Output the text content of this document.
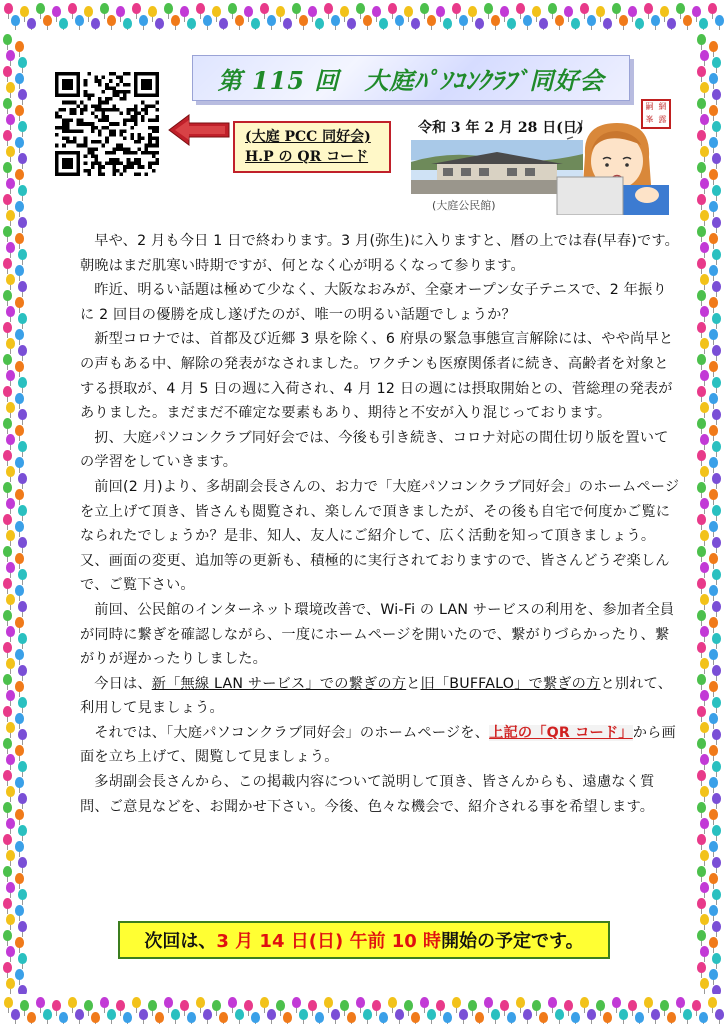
第 115 回　大庭ﾊﾟｿｺﾝｸﾗﾌﾞ同好会
(大庭 PCC 同好会)
H.P の QR コード
令和 3 年 2 月 28 日(日)
嗣 網
峯 露
(大庭公民館)

早や、2 月も今日 1 日で終わります。3 月(弥生)に入りますと、暦の上では春(早春)です。朝晩はまだ肌寒い時期ですが、何となく心が明るくなって参ります。

昨近、明るい話題は極めて少なく、大阪なおみが、全豪オープン女子テニスで、2 年振りに 2 回目の優勝を成し遂げたのが、唯一の明るい話題でしょうか？

新型コロナでは、首都及び近郷 3 県を除く、6 府県の緊急事態宣言解除には、やや尚早との声もある中、解除の発表がなされました。ワクチンも医療関係者に続き、高齢者を対象とする摂取が、4 月 5 日の週に入荷され、4 月 12 日の週には摂取開始との、菅総理の発表がありました。まだまだ不確定な要素もあり、期待と不安が入り混じっております。

扨、大庭パソコンクラブ同好会では、今後も引き続き、コロナ対応の間仕切り版を置いての学習をしていきます。

前回(2 月)より、多胡副会長さんの、お力で「大庭パソコンクラブ同好会」のホームページを立上げて頂き、皆さんも閲覧され、楽しんで頂きましたが、その後も自宅で何度かご覧になられたでしょうか？是非、知人、友人にご紹介して、広く活動を知って頂きましょう。又、画面の変更、追加等の更新も、積極的に実行されておりますので、皆さんどうぞ楽しんで、ご覧下さい。

前回、公民館のインターネット環境改善で、Wi-Fi の LAN サービスの利用を、参加者全員が同時に繋ぎを確認しながら、一度にホームページを開いたので、繋がりづらかったり、繋がりが遅かったりしました。

今日は、新「無線 LAN サービス」での繋ぎの方と旧「BUFFALO」で繋ぎの方と別れて、利用して見ましょう。

それでは、「大庭パソコンクラブ同好会」のホームページを、上記の「QR コード」から画面を立ち上げて、閲覧して見ましょう。

多胡副会長さんから、この掲載内容について説明して頂き、皆さんからも、遠慮なく質問、ご意見などを、お聞かせ下さい。今後、色々な機会で、紹介される事を希望します。

次回は、 3 月 14 日(日) 午前 10 時 開始の予定です。
